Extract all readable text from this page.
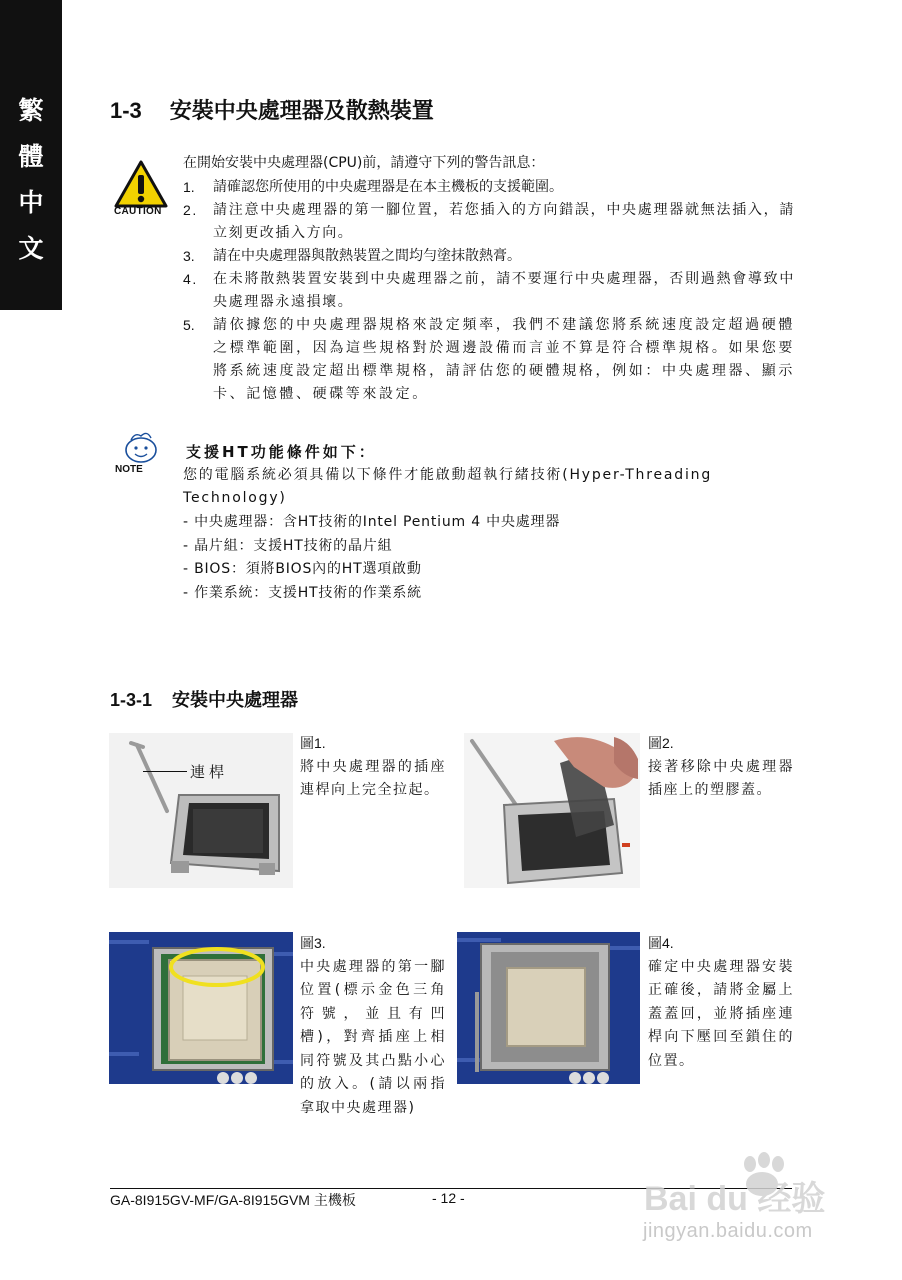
繁
體
中
文
1-3 安裝中央處理器及散熱裝置
CAUTION
在開始安裝中央處理器(CPU)前，請遵守下列的警告訊息：
1. 請確認您所使用的中央處理器是在本主機板的支援範圍。
2. 請注意中央處理器的第一腳位置，若您插入的方向錯誤，中央處理器就無法插入，請立刻更改插入方向。
3. 請在中央處理器與散熱裝置之間均勻塗抹散熱膏。
4. 在未將散熱裝置安裝到中央處理器之前，請不要運行中央處理器，否則過熱會導致中央處理器永遠損壞。
5. 請依據您的中央處理器規格來設定頻率，我們不建議您將系統速度設定超過硬體之標準範圍，因為這些規格對於週邊設備而言並不算是符合標準規格。如果您要將系統速度設定超出標準規格，請評估您的硬體規格，例如：中央處理器、顯示卡、記憶體、硬碟等來設定。
NOTE
支援HT功能條件如下：
您的電腦系統必須具備以下條件才能啟動超執行緒技術(Hyper-Threading Technology)
- 中央處理器：含HT技術的Intel Pentium 4 中央處理器
- 晶片組：支援HT技術的晶片組
- BIOS：須將BIOS內的HT選項啟動
- 作業系統：支援HT技術的作業系統
1-3-1 安裝中央處理器
連桿
圖1.
將中央處理器的插座連桿向上完全拉起。
圖2.
接著移除中央處理器插座上的塑膠蓋。
圖3.
中央處理器的第一腳位置(標示金色三角符號，並且有凹槽)，對齊插座上相同符號及其凸點小心的放入。(請以兩指拿取中央處理器)
圖4.
確定中央處理器安裝正確後，請將金屬上蓋蓋回，並將插座連桿向下壓回至鎖住的位置。
GA-8I915GV-MF/GA-8I915GVM 主機板	- 12 -	Bai du 经验
jingyan.baidu.com
